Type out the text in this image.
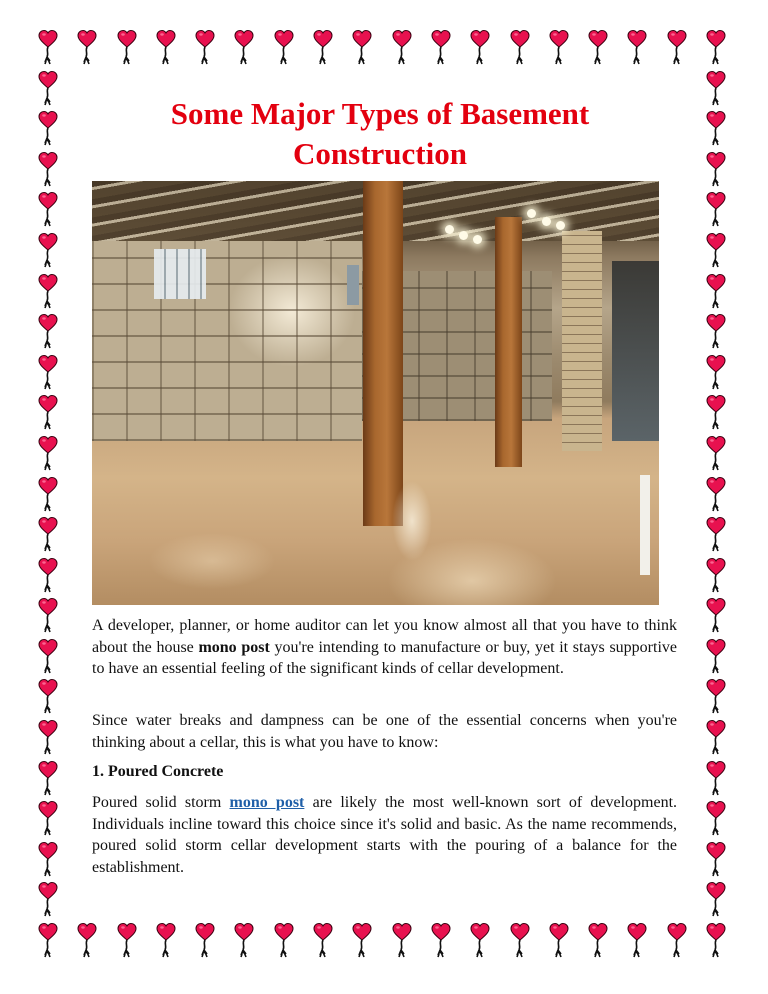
Some Major Types of Basement Construction

A developer, planner, or home auditor can let you know almost all that you have to think about the house mono post you're intending to manufacture or buy, yet it stays supportive to have an essential feeling of the significant kinds of cellar development.

Since water breaks and dampness can be one of the essential concerns when you're thinking about a cellar, this is what you have to know:

1. Poured Concrete

Poured solid storm mono post are likely the most well-known sort of development. Individuals incline toward this choice since it's solid and basic. As the name recommends, poured solid storm cellar development starts with the pouring of a balance for the establishment.
